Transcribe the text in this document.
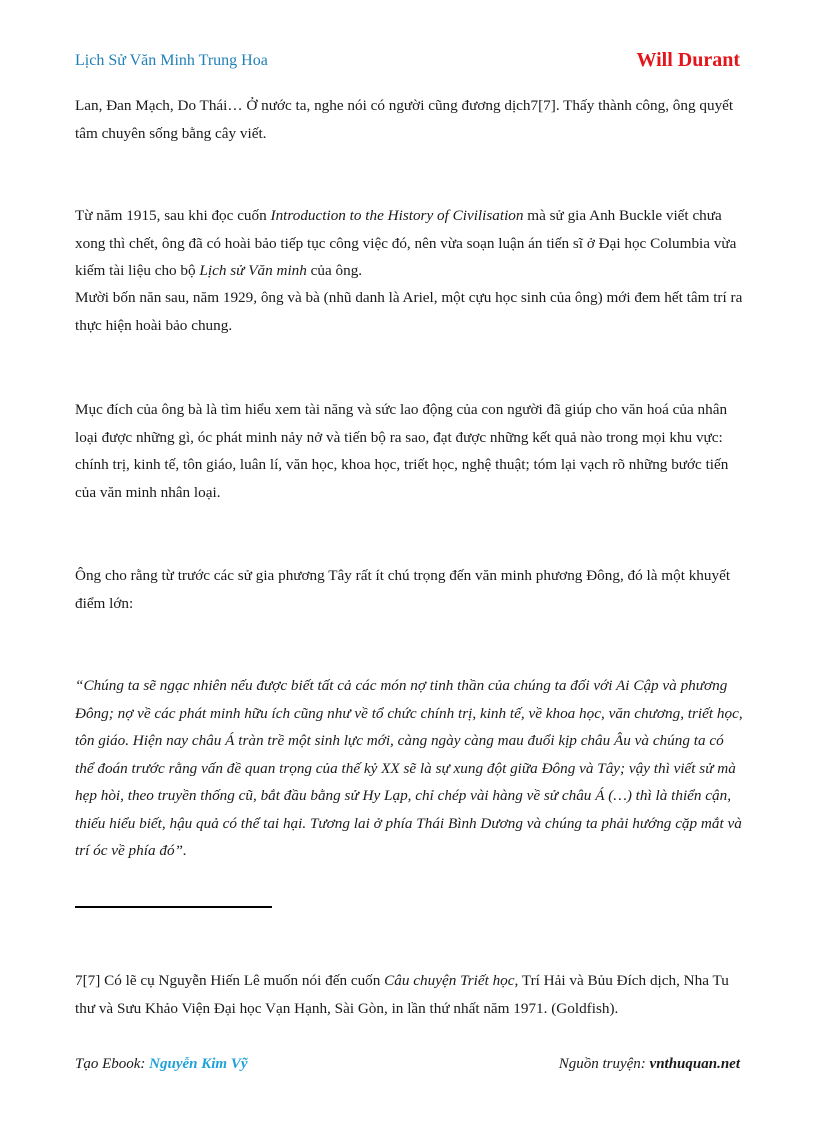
Lịch Sử Văn Minh Trung Hoa	Will Durant
Lan, Đan Mạch, Do Thái… Ở nước ta, nghe nói có người cũng đương dịch7[7]. Thấy thành công, ông quyết tâm chuyên sống bằng cây viết.
Từ năm 1915, sau khi đọc cuốn Introduction to the History of Civilisation mà sử gia Anh Buckle viết chưa xong thì chết, ông đã có hoài bảo tiếp tục công việc đó, nên vừa soạn luận án tiến sĩ ở Đại học Columbia vừa kiếm tài liệu cho bộ Lịch sử Văn minh của ông.
Mười bốn năn sau, năm 1929, ông và bà (nhũ danh là Ariel, một cựu học sinh của ông) mới đem hết tâm trí ra thực hiện hoài bảo chung.
Mục đích của ông bà là tìm hiểu xem tài năng và sức lao động của con người đã giúp cho văn hoá của nhân loại được những gì, óc phát minh nảy nở và tiến bộ ra sao, đạt được những kết quả nào trong mọi khu vực: chính trị, kinh tế, tôn giáo, luân lí, văn học, khoa học, triết học, nghệ thuật; tóm lại vạch rõ những bước tiến của văn minh nhân loại.
Ông cho rằng từ trước các sử gia phương Tây rất ít chú trọng đến văn minh phương Đông, đó là một khuyết điểm lớn:
“Chúng ta sẽ ngạc nhiên nếu được biết tất cả các món nợ tinh thần của chúng ta đối với Ai Cập và phương Đông; nợ về các phát minh hữu ích cũng như về tổ chức chính trị, kinh tế, về khoa học, văn chương, triết học, tôn giáo. Hiện nay châu Á tràn trề một sinh lực mới, càng ngày càng mau đuổi kịp châu Âu và chúng ta có thể đoán trước rằng vấn đề quan trọng của thế kỷ XX sẽ là sự xung đột giữa Đông và Tây; vậy thì viết sử mà hẹp hòi, theo truyền thống cũ, bắt đầu bằng sử Hy Lạp, chỉ chép vài hàng về sử châu Á (…) thì là thiển cận, thiếu hiểu biết, hậu quả có thể tai hại. Tương lai ở phía Thái Bình Dương và chúng ta phải hướng cặp mắt và trí óc về phía đó”.
7[7] Có lẽ cụ Nguyễn Hiến Lê muốn nói đến cuốn Câu chuyện Triết học, Trí Hải và Bủu Đích dịch, Nha Tu thư và Sưu Khảo Viện Đại học Vạn Hạnh, Sài Gòn, in lần thứ nhất năm 1971. (Goldfish).
Tạo Ebook: Nguyễn Kim Vỹ	Nguồn truyện: vnthuquan.net
